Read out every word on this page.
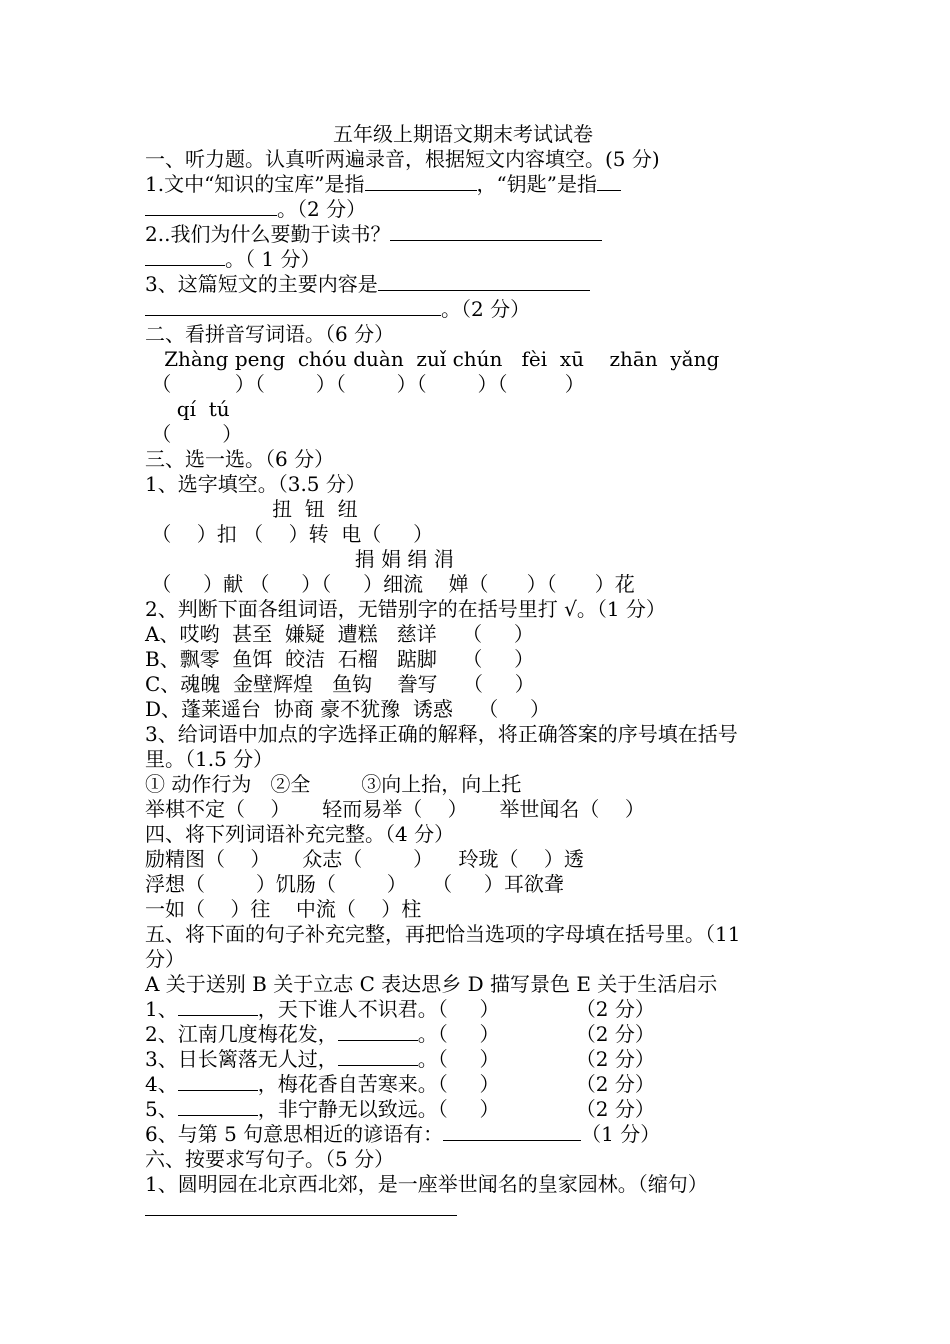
五年级上期语文期末考试试卷
一、听力题。认真听两遍录音，根据短文内容填空。(5 分)
1.文中“知识的宝库”是指	，“钥匙”是指
。（2 分）
2..我们为什么要勤于读书？
。（ 1 分）
3、这篇短文的主要内容是
。（2 分）
二、看拼音写词语。（6 分）
Zhàng peng  chóu duàn  zuǐ chún   fèi  xū    zhān  yǎng
（          ）（        ）（        ）（        ）（         ）
qí  tú
（        ）
三、选一选。（6 分）
1、选字填空。（3.5 分）
扭  钮  纽
（    ）扣 （    ）转  电（     ）
捐 娟 绢 涓
（     ）献 （     ）（     ）细流    婵（      ）（      ）花
2、判断下面各组词语，无错别字的在括号里打 √。（1 分）
A、哎哟  甚至  嫌疑  遭糕   慈详    （     ）
B、飘零  鱼饵  皎洁  石榴   踮脚    （     ）
C、魂魄  金壁辉煌   鱼钩    誊写    （     ）
D、蓬莱遥台  协商 豪不犹豫  诱惑    （     ）
3、给词语中加点的字选择正确的解释，将正确答案的序号填在括号
里。（1.5 分）
① 动作行为   ②全        ③向上抬，向上托
举棋不定（    ）     轻而易举（    ）     举世闻名（    ）
四、将下列词语补充完整。（4 分）
励精图（    ）     众志（        ）    玲珑（    ）透
浮想（        ）饥肠（        ）    （     ）耳欲聋
一如（    ）往    中流（    ）柱
五、将下面的句子补充完整，再把恰当选项的字母填在括号里。（11
分）
A 关于送别 B 关于立志 C 表达思乡 D 描写景色 E 关于生活启示
1、	，天下谁人不识君。（     ）            （2 分）
2、江南几度梅花发，	。（     ）            （2 分）
3、日长篱落无人过，	。（     ）            （2 分）
4、	，梅花香自苦寒来。（     ）            （2 分）
5、	，非宁静无以致远。（     ）            （2 分）
6、与第 5 句意思相近的谚语有：	（1 分）
六、按要求写句子。（5 分）
1、圆明园在北京西北郊，是一座举世闻名的皇家园林。（缩句）
